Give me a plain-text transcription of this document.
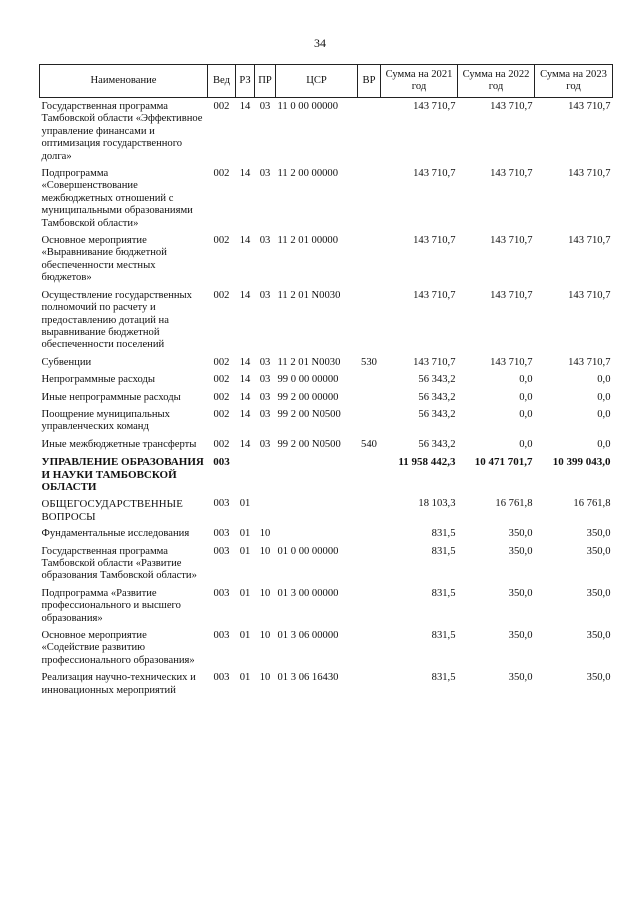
34
Наименование	Вед	РЗ	ПР	ЦСР	ВР	Сумма на 2021 год	Сумма на 2022 год	Сумма на 2023 год
Государственная программа Тамбовской области «Эффективное управление финансами и оптимизация государственного долга»	002	14	03	11 0 00 00000		143 710,7	143 710,7	143 710,7
Подпрограмма «Совершенствование межбюджетных отношений с муниципальными образованиями Тамбовской области»	002	14	03	11 2 00 00000		143 710,7	143 710,7	143 710,7
Основное мероприятие «Выравнивание бюджетной обеспеченности местных бюджетов»	002	14	03	11 2 01 00000		143 710,7	143 710,7	143 710,7
Осуществление государственных полномочий по расчету и предоставлению дотаций на выравнивание бюджетной обеспеченности поселений	002	14	03	11 2 01 N0030		143 710,7	143 710,7	143 710,7
Субвенции	002	14	03	11 2 01 N0030	530	143 710,7	143 710,7	143 710,7
Непрограммные расходы	002	14	03	99 0 00 00000		56 343,2	0,0	0,0
Иные непрограммные расходы	002	14	03	99 2 00 00000		56 343,2	0,0	0,0
Поощрение муниципальных управленческих команд	002	14	03	99 2 00 N0500		56 343,2	0,0	0,0
Иные межбюджетные трансферты	002	14	03	99 2 00 N0500	540	56 343,2	0,0	0,0
УПРАВЛЕНИЕ ОБРАЗОВАНИЯ И НАУКИ ТАМБОВСКОЙ ОБЛАСТИ	003					11 958 442,3	10 471 701,7	10 399 043,0
ОБЩЕГОСУДАРСТВЕННЫЕ ВОПРОСЫ	003	01				18 103,3	16 761,8	16 761,8
Фундаментальные исследования	003	01	10			831,5	350,0	350,0
Государственная программа Тамбовской области «Развитие образования Тамбовской области»	003	01	10	01 0 00 00000		831,5	350,0	350,0
Подпрограмма «Развитие профессионального и высшего образования»	003	01	10	01 3 00 00000		831,5	350,0	350,0
Основное мероприятие «Содействие развитию профессионального образования»	003	01	10	01 3 06 00000		831,5	350,0	350,0
Реализация научно-технических и инновационных мероприятий	003	01	10	01 3 06 16430		831,5	350,0	350,0
